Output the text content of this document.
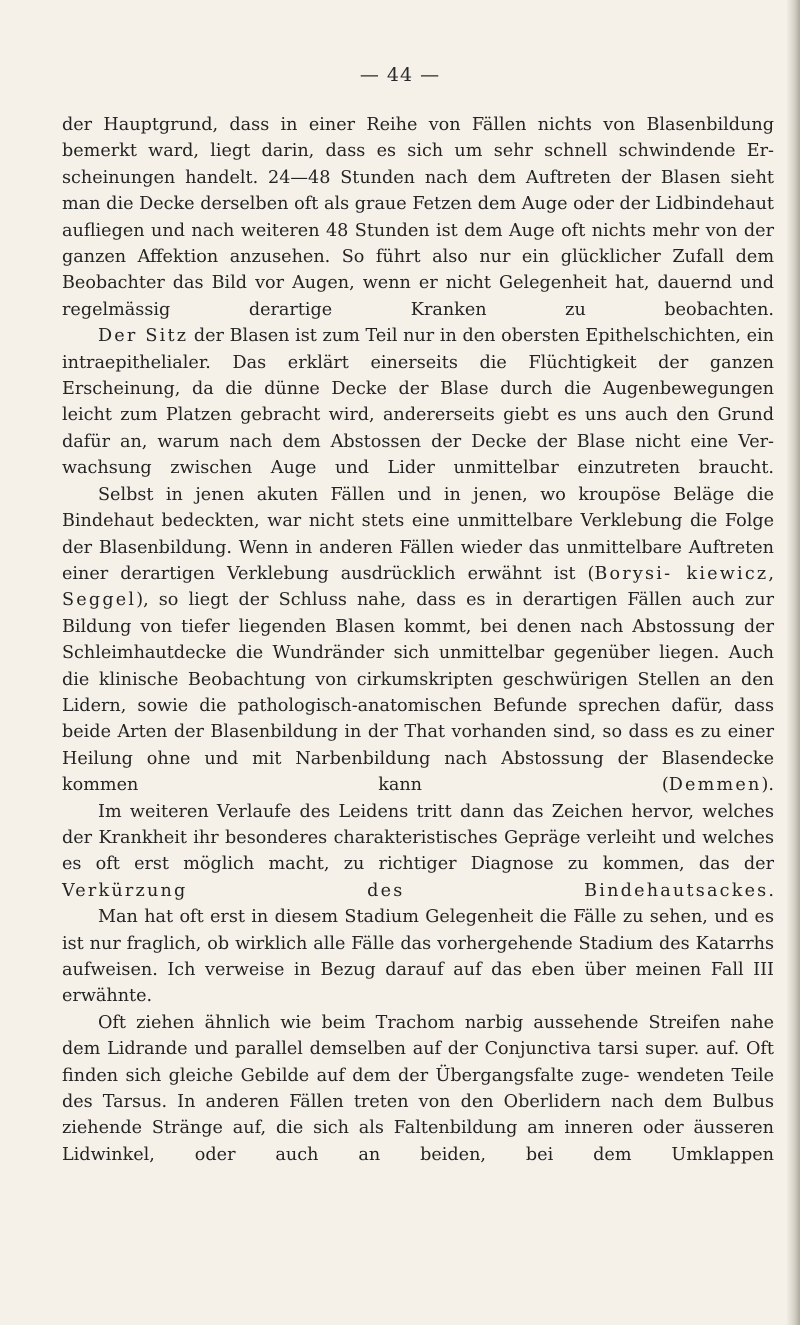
— 44 —

der Hauptgrund, dass in einer Reihe von Fällen nichts von Blasenbildung bemerkt ward, liegt darin, dass es sich um sehr schnell schwindende Er- scheinungen handelt. 24—48 Stunden nach dem Auftreten der Blasen sieht man die Decke derselben oft als graue Fetzen dem Auge oder der Lidbindehaut aufliegen und nach weiteren 48 Stunden ist dem Auge oft nichts mehr von der ganzen Affektion anzusehen. So führt also nur ein glücklicher Zufall dem Beobachter das Bild vor Augen, wenn er nicht Gelegenheit hat, dauernd und regelmässig derartige Kranken zu beobachten.

Der Sitz der Blasen ist zum Teil nur in den obersten Epithelschichten, ein intraepithelialer. Das erklärt einerseits die Flüchtigkeit der ganzen Erscheinung, da die dünne Decke der Blase durch die Augenbewegungen leicht zum Platzen gebracht wird, andererseits giebt es uns auch den Grund dafür an, warum nach dem Abstossen der Decke der Blase nicht eine Ver- wachsung zwischen Auge und Lider unmittelbar einzutreten braucht.

Selbst in jenen akuten Fällen und in jenen, wo kroupöse Beläge die Bindehaut bedeckten, war nicht stets eine unmittelbare Verklebung die Folge der Blasenbildung. Wenn in anderen Fällen wieder das unmittelbare Auftreten einer derartigen Verklebung ausdrücklich erwähnt ist (Borysi- kiewicz, Seggel), so liegt der Schluss nahe, dass es in derartigen Fällen auch zur Bildung von tiefer liegenden Blasen kommt, bei denen nach Abstossung der Schleimhautdecke die Wundränder sich unmittelbar gegenüber liegen. Auch die klinische Beobachtung von cirkumskripten geschwürigen Stellen an den Lidern, sowie die pathologisch-anatomischen Befunde sprechen dafür, dass beide Arten der Blasenbildung in der That vorhanden sind, so dass es zu einer Heilung ohne und mit Narbenbildung nach Abstossung der Blasendecke kommen kann (Demmen).

Im weiteren Verlaufe des Leidens tritt dann das Zeichen hervor, welches der Krankheit ihr besonderes charakteristisches Gepräge verleiht und welches es oft erst möglich macht, zu richtiger Diagnose zu kommen, das der Verkürzung des Bindehautsackes.

Man hat oft erst in diesem Stadium Gelegenheit die Fälle zu sehen, und es ist nur fraglich, ob wirklich alle Fälle das vorhergehende Stadium des Katarrhs aufweisen. Ich verweise in Bezug darauf auf das eben über meinen Fall III erwähnte.

Oft ziehen ähnlich wie beim Trachom narbig aussehende Streifen nahe dem Lidrande und parallel demselben auf der Conjunctiva tarsi super. auf. Oft finden sich gleiche Gebilde auf dem der Übergangsfalte zuge- wendeten Teile des Tarsus. In anderen Fällen treten von den Oberlidern nach dem Bulbus ziehende Stränge auf, die sich als Faltenbildung am inneren oder äusseren Lidwinkel, oder auch an beiden, bei dem Umklappen
